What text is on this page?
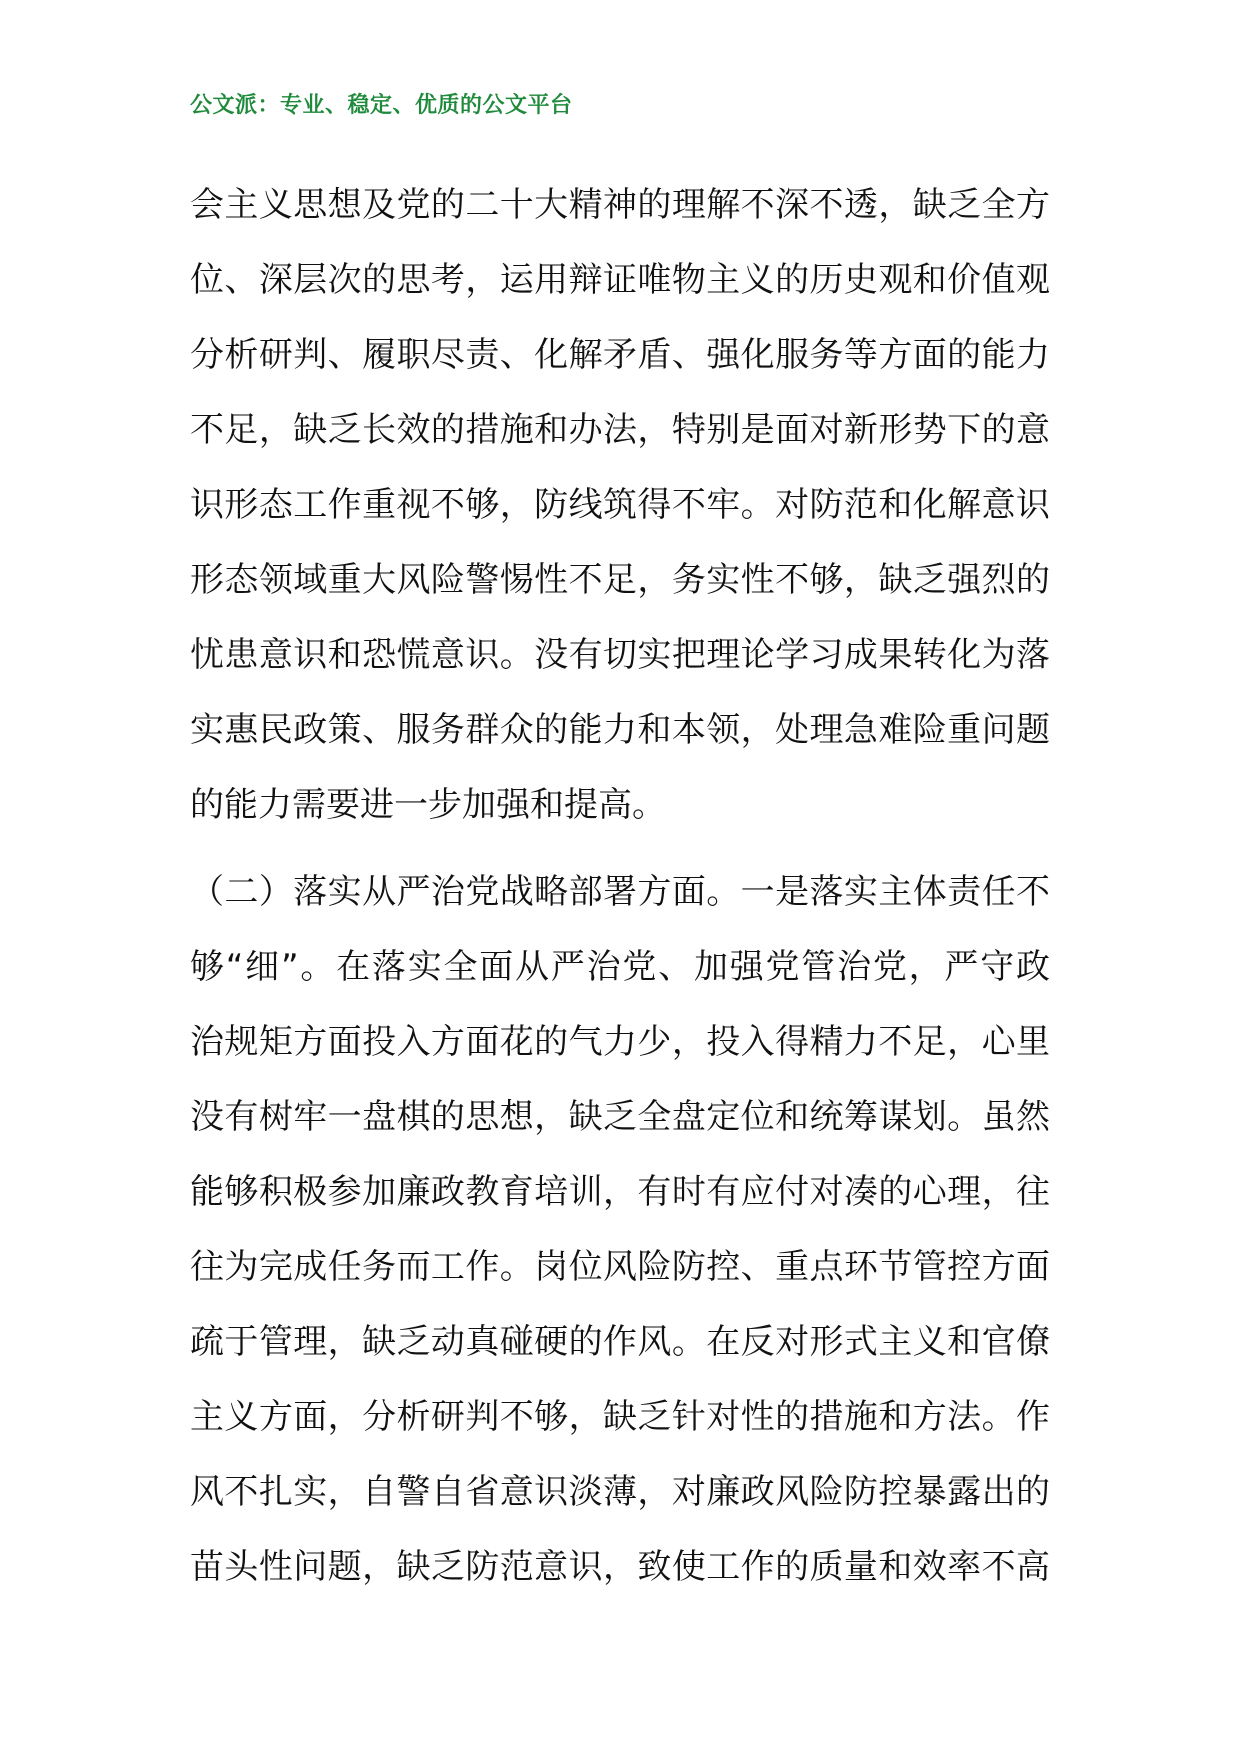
公文派：专业、稳定、优质的公文平台
会主义思想及党的二十大精神的理解不深不透，缺乏全方
位、深层次的思考，运用辩证唯物主义的历史观和价值观
分析研判、履职尽责、化解矛盾、强化服务等方面的能力
不足，缺乏长效的措施和办法，特别是面对新形势下的意
识形态工作重视不够，防线筑得不牢。对防范和化解意识
形态领域重大风险警惕性不足，务实性不够，缺乏强烈的
忧患意识和恐慌意识。没有切实把理论学习成果转化为落
实惠民政策、服务群众的能力和本领，处理急难险重问题
的能力需要进一步加强和提高。
（二）落实从严治党战略部署方面。一是落实主体责任不
够“细”。在落实全面从严治党、加强党管治党，严守政
治规矩方面投入方面花的气力少，投入得精力不足，心里
没有树牢一盘棋的思想，缺乏全盘定位和统筹谋划。虽然
能够积极参加廉政教育培训，有时有应付对凑的心理，往
往为完成任务而工作。岗位风险防控、重点环节管控方面
疏于管理，缺乏动真碰硬的作风。在反对形式主义和官僚
主义方面，分析研判不够，缺乏针对性的措施和方法。作
风不扎实，自警自省意识淡薄，对廉政风险防控暴露出的
苗头性问题，缺乏防范意识，致使工作的质量和效率不高
